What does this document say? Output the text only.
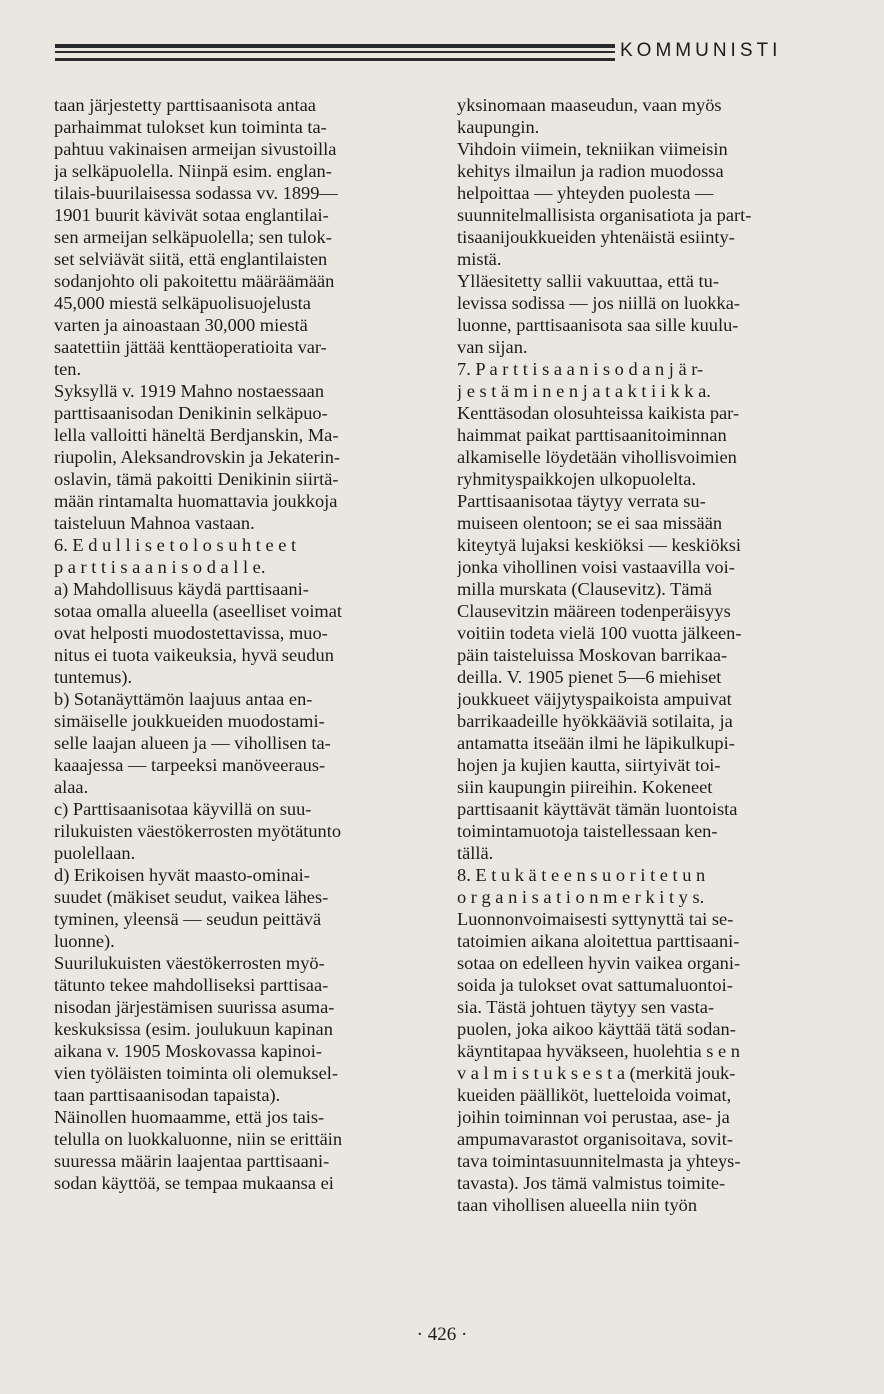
KOMMUNISTI
taan järjestetty parttisaanisota antaa
parhaimmat tulokset kun toiminta ta-
pahtuu vakinaisen armeijan sivustoilla
ja selkäpuolella. Niinpä esim. englan-
tilais-buurilaisessa sodassa vv. 1899—
1901 buurit kävivät sotaa englantilai-
sen armeijan selkäpuolella; sen tulok-
set selviävät siitä, että englantilaisten
sodanjohto oli pakoitettu määräämään
45,000 miestä selkäpuolisuojelusta
varten ja ainoastaan 30,000 miestä
saatettiin jättää kenttäoperatioita var-
ten.
Syksyllä v. 1919 Mahno nostaessaan
parttisaanisodan Denikinin selkäpuo-
lella valloitti häneltä Berdjanskin, Ma-
riupolin, Aleksandrovskin ja Jekaterin-
oslavin, tämä pakoitti Denikinin siirtä-
mään rintamalta huomattavia joukkoja
taisteluun Mahnoa vastaan.
6. E d u l l i s e t o l o s u h t e e t
p a r t t i s a a n i s o d a l l e.
a) Mahdollisuus käydä parttisaani-
sotaa omalla alueella (aseelliset voimat
ovat helposti muodostettavissa, muo-
nitus ei tuota vaikeuksia, hyvä seudun
tuntemus).
b) Sotanäyttämön laajuus antaa en-
simäiselle joukkueiden muodostami-
selle laajan alueen ja — vihollisen ta-
kaaajessa — tarpeeksi manöveeraus-
alaa.
c) Parttisaanisotaa käyvillä on suu-
rilukuisten väestökerrosten myötätunto
puolellaan.
d) Erikoisen hyvät maasto-ominai-
suudet (mäkiset seudut, vaikea lähes-
tyminen, yleensä — seudun peittävä
luonne).
Suurilukuisten väestökerrosten myö-
tätunto tekee mahdolliseksi parttisaa-
nisodan järjestämisen suurissa asuma-
keskuksissa (esim. joulukuun kapinan
aikana v. 1905 Moskovassa kapinoi-
vien työläisten toiminta oli olemuksel-
taan parttisaanisodan tapaista).
Näinollen huomaamme, että jos tais-
telulla on luokkaluonne, niin se erittäin
suuressa määrin laajentaa parttisaani-
sodan käyttöä, se tempaa mukaansa ei
yksinomaan maaseudun, vaan myös
kaupungin.
Vihdoin viimein, tekniikan viimeisin
kehitys ilmailun ja radion muodossa
helpoittaa — yhteyden puolesta —
suunnitelmallisista organisatiota ja part-
tisaanijoukkueiden yhtenäistä esiinty-
mistä.
Ylläesitetty sallii vakuuttaa, että tu-
levissa sodissa — jos niillä on luokka-
luonne, parttisaanisota saa sille kuulu-
van sijan.
7. P a r t t i s a a n i s o d a n j ä r-
j e s t ä m i n e n j a t a k t i i k k a.
Kenttäsodan olosuhteissa kaikista par-
haimmat paikat parttisaanitoiminnan
alkamiselle löydetään vihollisvoimien
ryhmityspaikkojen ulkopuolelta.
Parttisaanisotaa täytyy verrata su-
muiseen olentoon; se ei saa missään
kiteytyä lujaksi keskiöksi — keskiöksi
jonka vihollinen voisi vastaavilla voi-
milla murskata (Clausevitz). Tämä
Clausevitzin määreen todenperäisyys
voitiin todeta vielä 100 vuotta jälkeen-
päin taisteluissa Moskovan barrikaa-
deilla. V. 1905 pienet 5—6 miehiset
joukkueet väijytyspaikoista ampuivat
barrikaadeille hyökkääviä sotilaita, ja
antamatta itseään ilmi he läpikulkupi-
hojen ja kujien kautta, siirtyivät toi-
siin kaupungin piireihin. Kokeneet
parttisaanit käyttävät tämän luontoista
toimintamuotoja taistellessaan ken-
tällä.
8. E t u k ä t e e n s u o r i t e t u n
o r g a n i s a t i o n m e r k i t y s.
Luonnonvoimaisesti syttynyttä tai se-
tatoimien aikana aloitettua parttisaani-
sotaa on edelleen hyvin vaikea organi-
soida ja tulokset ovat sattumaluontoi-
sia. Tästä johtuen täytyy sen vasta-
puolen, joka aikoo käyttää tätä sodan-
käyntitapaa hyväkseen, huolehtia s e n
v a l m i s t u k s e s t a (merkitä jouk-
kueiden päälliköt, luetteloida voimat,
joihin toiminnan voi perustaa, ase- ja
ampumavarastot organisoitava, sovit-
tava toimintasuunnitelmasta ja yhteys-
tavasta). Jos tämä valmistus toimite-
taan vihollisen alueella niin työn
· 426 ·
